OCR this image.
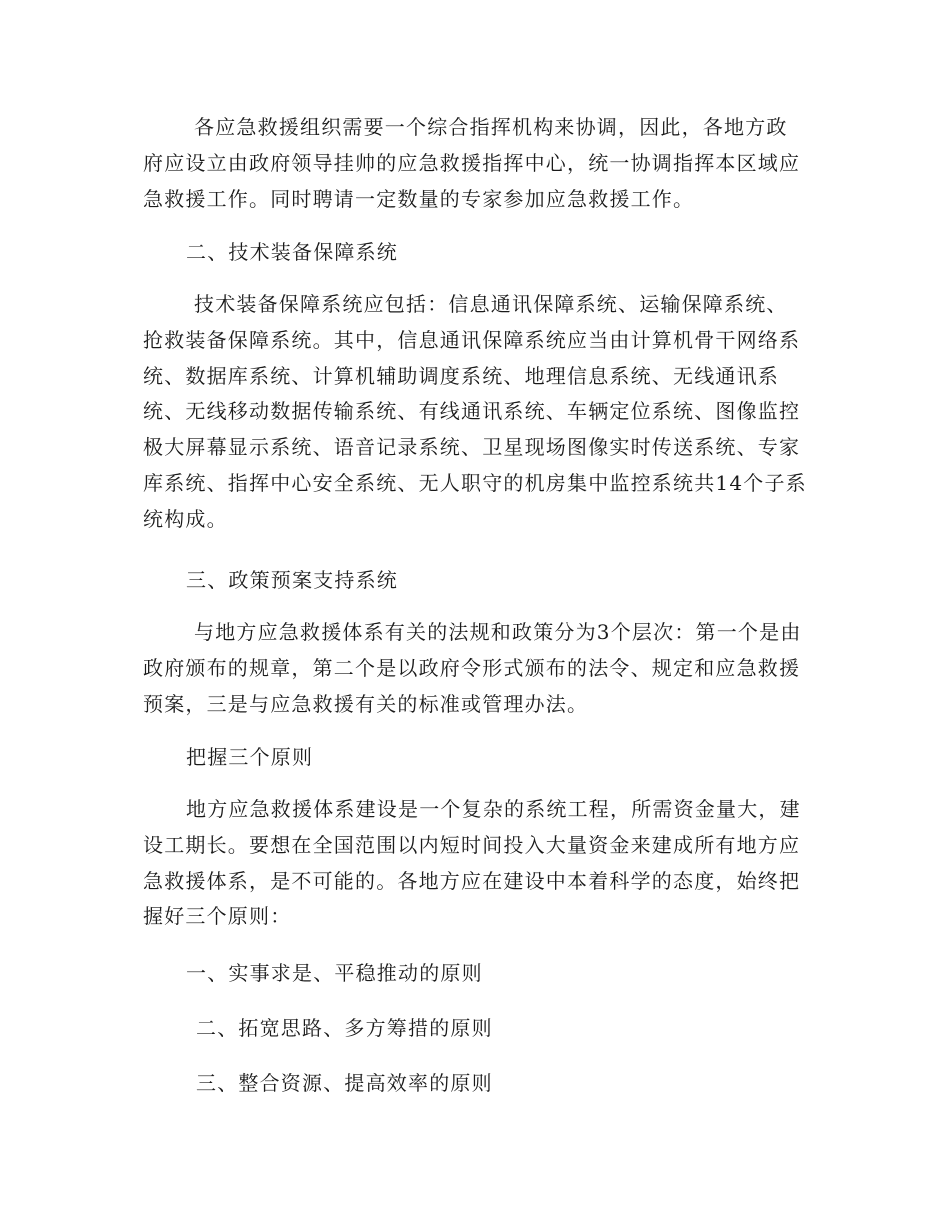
各应急救援组织需要一个综合指挥机构来协调，因此，各地方政府应设立由政府领导挂帅的应急救援指挥中心，统一协调指挥本区域应急救援工作。同时聘请一定数量的专家参加应急救援工作。

二、技术装备保障系统

技术装备保障系统应包括：信息通讯保障系统、运输保障系统、抢救装备保障系统。其中，信息通讯保障系统应当由计算机骨干网络系统、数据库系统、计算机辅助调度系统、地理信息系统、无线通讯系统、无线移动数据传输系统、有线通讯系统、车辆定位系统、图像监控极大屏幕显示系统、语音记录系统、卫星现场图像实时传送系统、专家库系统、指挥中心安全系统、无人职守的机房集中监控系统共14个子系统构成。

三、政策预案支持系统

与地方应急救援体系有关的法规和政策分为3个层次：第一个是由政府颁布的规章，第二个是以政府令形式颁布的法令、规定和应急救援预案，三是与应急救援有关的标准或管理办法。

把握三个原则

地方应急救援体系建设是一个复杂的系统工程，所需资金量大，建设工期长。要想在全国范围以内短时间投入大量资金来建成所有地方应急救援体系，是不可能的。各地方应在建设中本着科学的态度，始终把握好三个原则：

一、实事求是、平稳推动的原则

二、拓宽思路、多方筹措的原则

三、整合资源、提高效率的原则
